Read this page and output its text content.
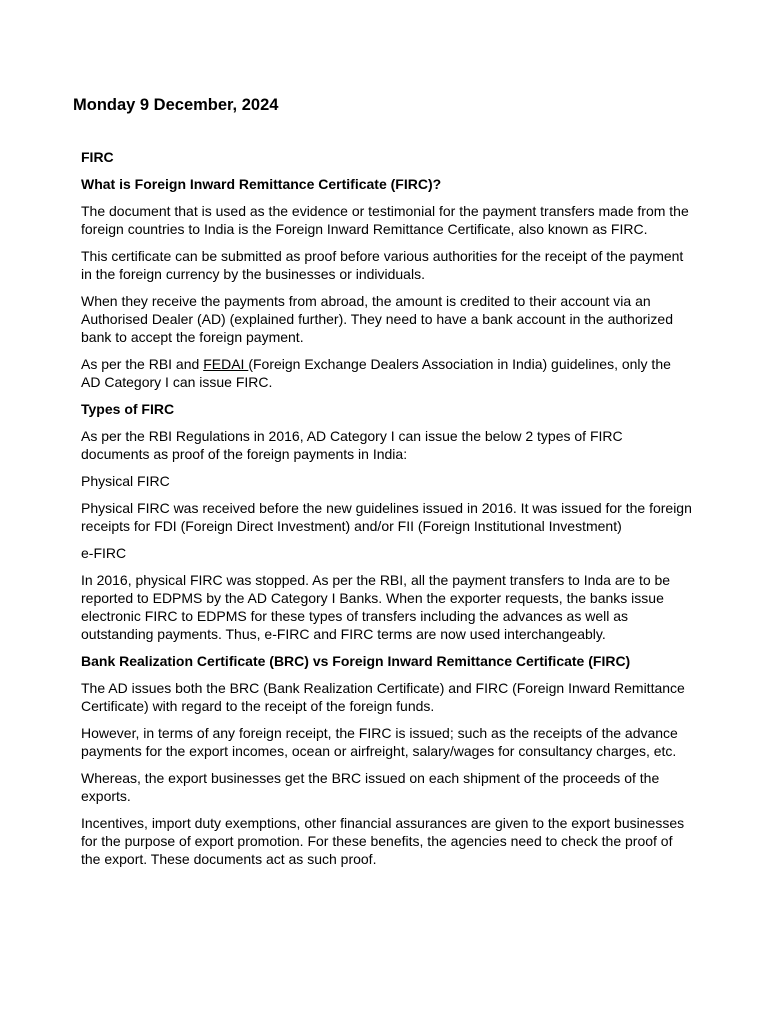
Monday 9 December, 2024
FIRC
What is Foreign Inward Remittance Certificate (FIRC)?

The document that is used as the evidence or testimonial for the payment transfers made from the foreign countries to India is the Foreign Inward Remittance Certificate, also known as FIRC.

This certificate can be submitted as proof before various authorities for the receipt of the payment in the foreign currency by the businesses or individuals.

When they receive the payments from abroad, the amount is credited to their account via an Authorised Dealer (AD) (explained further). They need to have a bank account in the authorized bank to accept the foreign payment.

As per the RBI and FEDAI (Foreign Exchange Dealers Association in India) guidelines, only the AD Category I can issue FIRC.

Types of FIRC

As per the RBI Regulations in 2016, AD Category I can issue the below 2 types of FIRC documents as proof of the foreign payments in India:

Physical FIRC

Physical FIRC was received before the new guidelines issued in 2016. It was issued for the foreign receipts for FDI (Foreign Direct Investment) and/or FII (Foreign Institutional Investment)

e-FIRC

In 2016, physical FIRC was stopped. As per the RBI, all the payment transfers to Inda are to be reported to EDPMS by the AD Category I Banks. When the exporter requests, the banks issue electronic FIRC to EDPMS for these types of transfers including the advances as well as outstanding payments. Thus, e-FIRC and FIRC terms are now used interchangeably.

Bank Realization Certificate (BRC) vs Foreign Inward Remittance Certificate (FIRC)

The AD issues both the BRC (Bank Realization Certificate) and FIRC (Foreign Inward Remittance Certificate) with regard to the receipt of the foreign funds.

However, in terms of any foreign receipt, the FIRC is issued; such as the receipts of the advance payments for the export incomes, ocean or airfreight, salary/wages for consultancy charges, etc.

Whereas, the export businesses get the BRC issued on each shipment of the proceeds of the exports.

Incentives, import duty exemptions, other financial assurances are given to the export businesses for the purpose of export promotion. For these benefits, the agencies need to check the proof of the export. These documents act as such proof.
